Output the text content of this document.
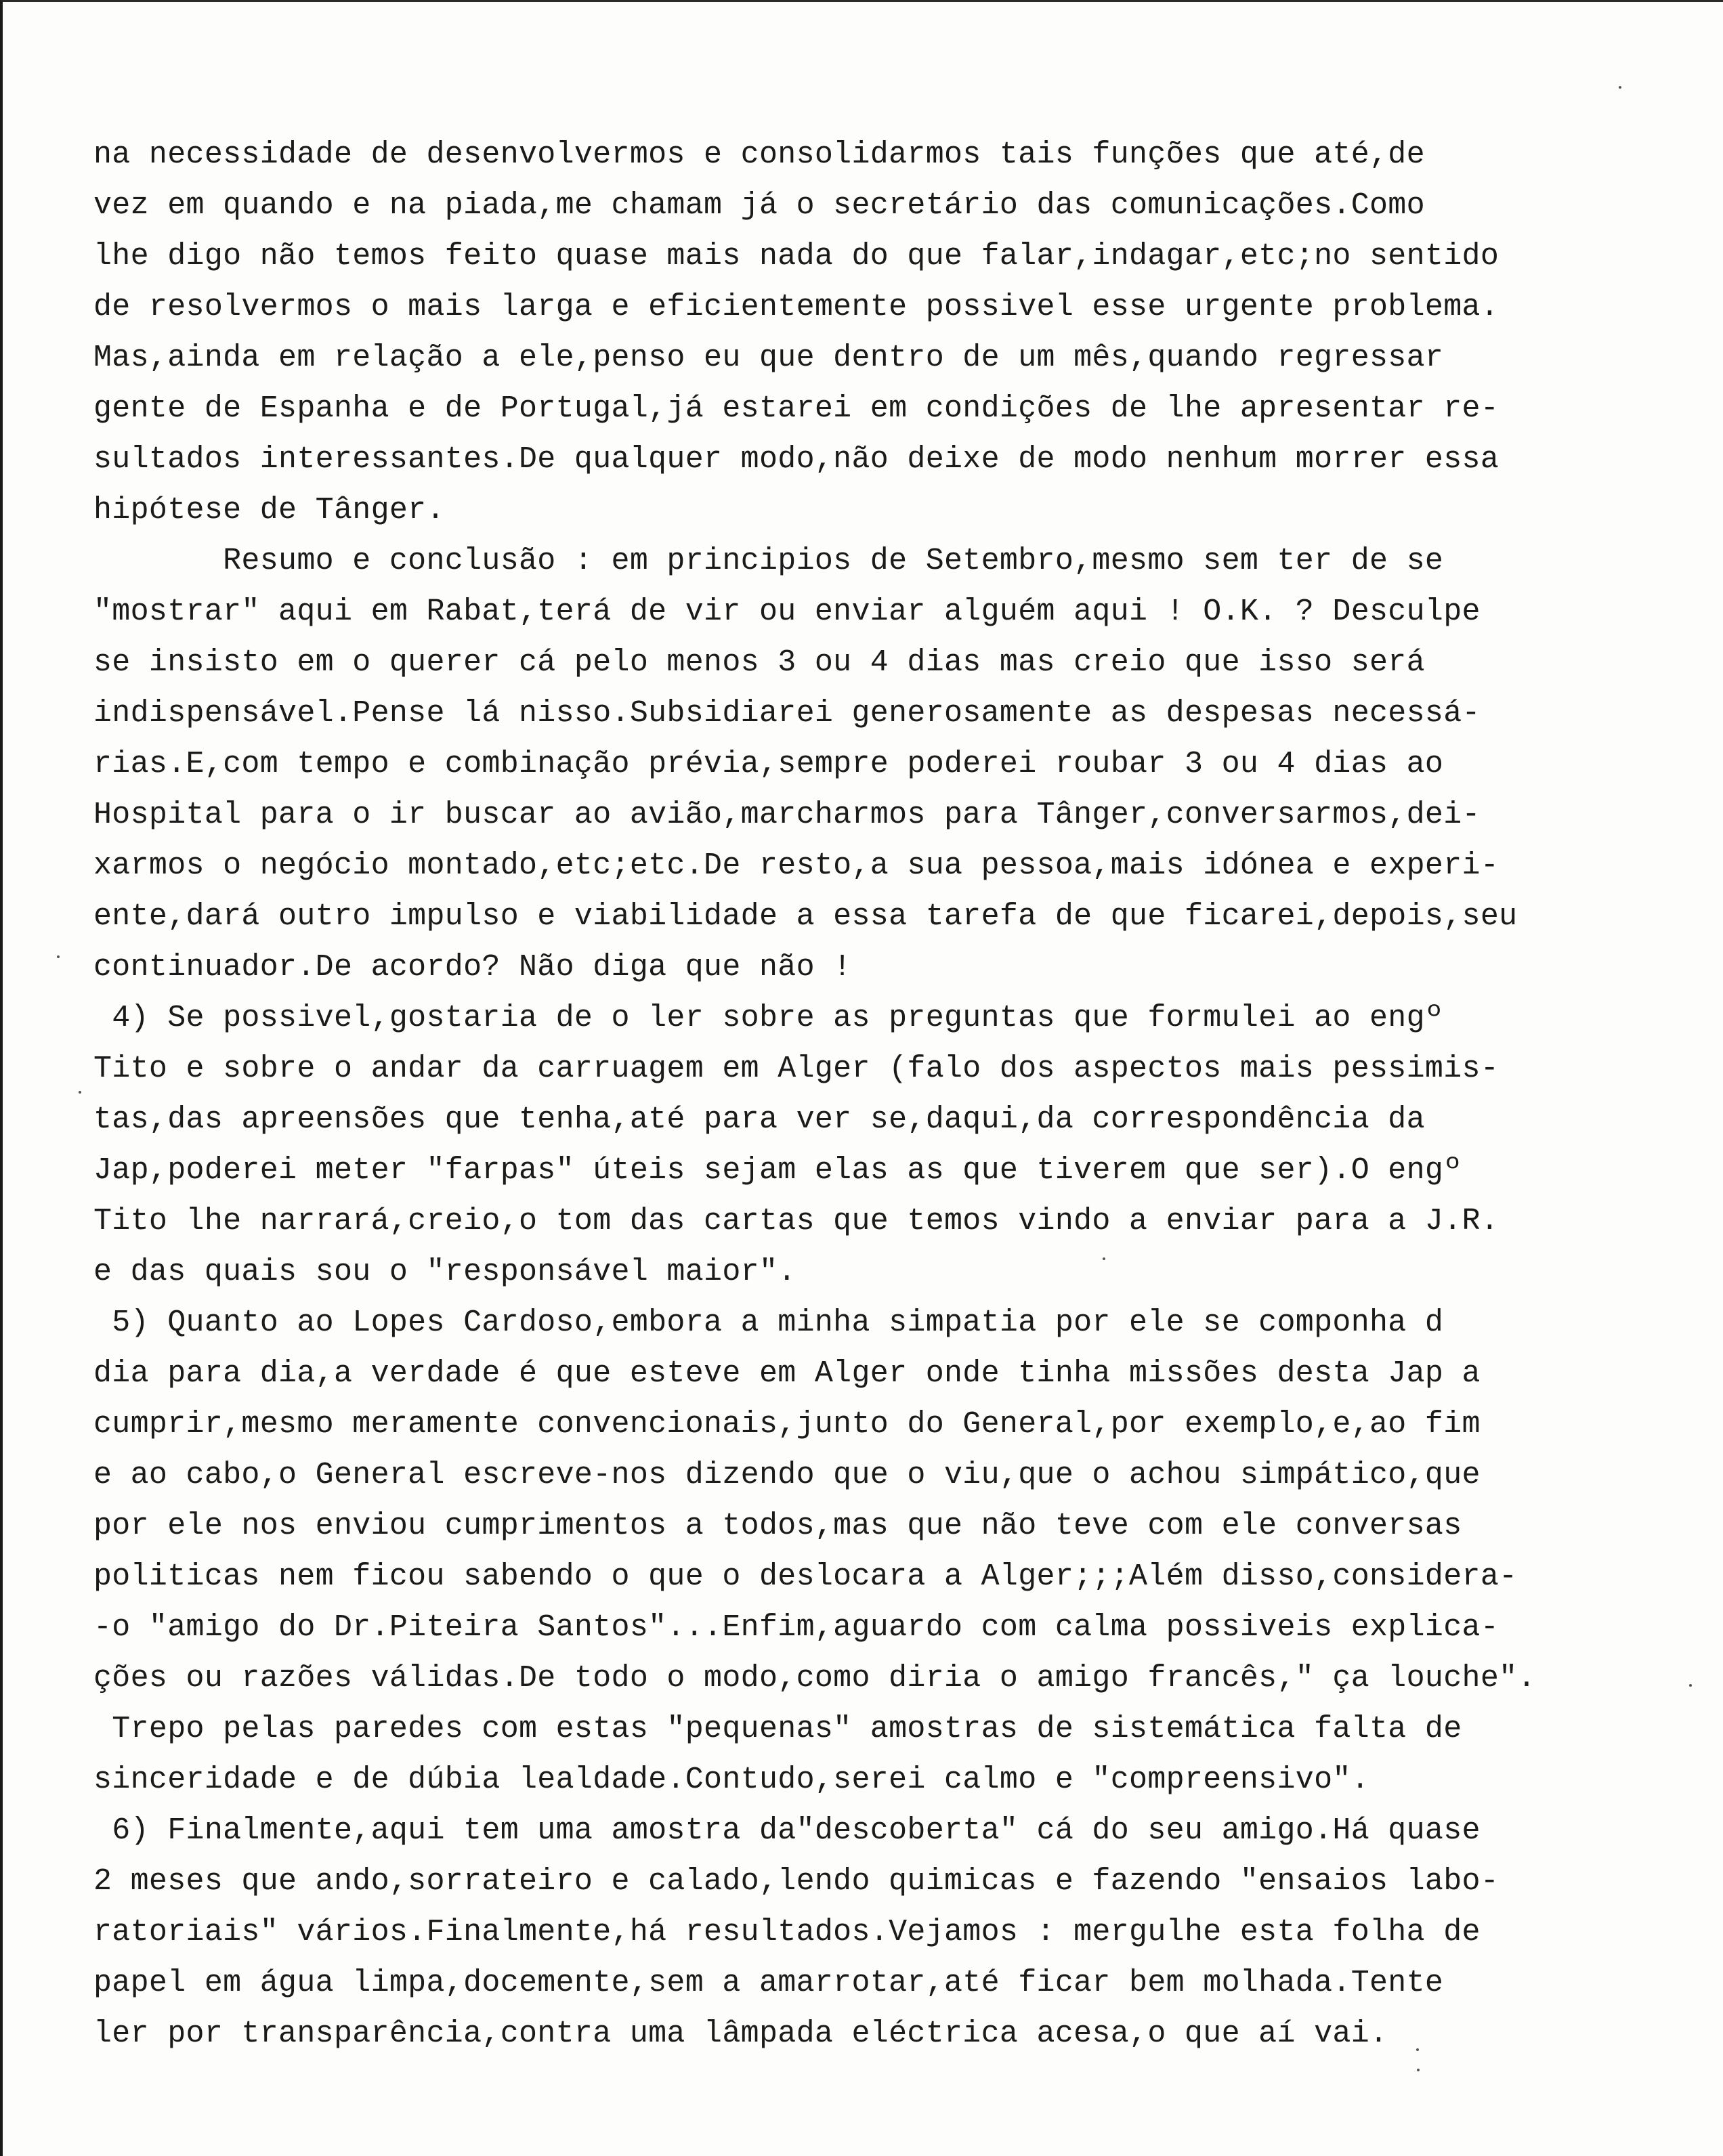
na necessidade de desenvolvermos e consolidarmos tais funções que até,de
vez em quando e na piada,me chamam já o secretário das comunicações.Como
lhe digo não temos feito quase mais nada do que falar,indagar,etc;no sentido
de resolvermos o mais larga e eficientemente possivel esse urgente problema.
Mas,ainda em relação a ele,penso eu que dentro de um mês,quando regressar
gente de Espanha e de Portugal,já estarei em condições de lhe apresentar re-
sultados interessantes.De qualquer modo,não deixe de modo nenhum morrer essa
hipótese de Tânger.
Resumo e conclusão : em principios de Setembro,mesmo sem ter de se
"mostrar" aqui em Rabat,terá de vir ou enviar alguém aqui ! O.K. ? Desculpe
se insisto em o querer cá pelo menos 3 ou 4 dias mas creio que isso será
indispensável.Pense lá nisso.Subsidiarei generosamente as despesas necessá-
rias.E,com tempo e combinação prévia,sempre poderei roubar 3 ou 4 dias ao
Hospital para o ir buscar ao avião,marcharmos para Tânger,conversarmos,dei-
xarmos o negócio montado,etc;etc.De resto,a sua pessoa,mais idónea e experi-
ente,dará outro impulso e viabilidade a essa tarefa de que ficarei,depois,seu
continuador.De acordo? Não diga que não !
4) Se possivel,gostaria de o ler sobre as preguntas que formulei ao engº
Tito e sobre o andar da carruagem em Alger (falo dos aspectos mais pessimis-
tas,das apreensões que tenha,até para ver se,daqui,da correspondência da
Jap,poderei meter "farpas" úteis sejam elas as que tiverem que ser).O engº
Tito lhe narrará,creio,o tom das cartas que temos vindo a enviar para a J.R.
e das quais sou o "responsável maior".
5) Quanto ao Lopes Cardoso,embora a minha simpatia por ele se componha d
dia para dia,a verdade é que esteve em Alger onde tinha missões desta Jap a
cumprir,mesmo meramente convencionais,junto do General,por exemplo,e,ao fim
e ao cabo,o General escreve-nos dizendo que o viu,que o achou simpático,que
por ele nos enviou cumprimentos a todos,mas que não teve com ele conversas
politicas nem ficou sabendo o que o deslocara a Alger;;;Além disso,considera-
-o "amigo do Dr.Piteira Santos"...Enfim,aguardo com calma possiveis explica-
ções ou razões válidas.De todo o modo,como diria o amigo francês," ça louche".
Trepo pelas paredes com estas "pequenas" amostras de sistemática falta de
sinceridade e de dúbia lealdade.Contudo,serei calmo e "compreensivo".
6) Finalmente,aqui tem uma amostra da"descoberta" cá do seu amigo.Há quase
2 meses que ando,sorrateiro e calado,lendo quimicas e fazendo "ensaios labo-
ratoriais" vários.Finalmente,há resultados.Vejamos : mergulhe esta folha de
papel em água limpa,docemente,sem a amarrotar,até ficar bem molhada.Tente
ler por transparência,contra uma lâmpada eléctrica acesa,o que aí vai.
